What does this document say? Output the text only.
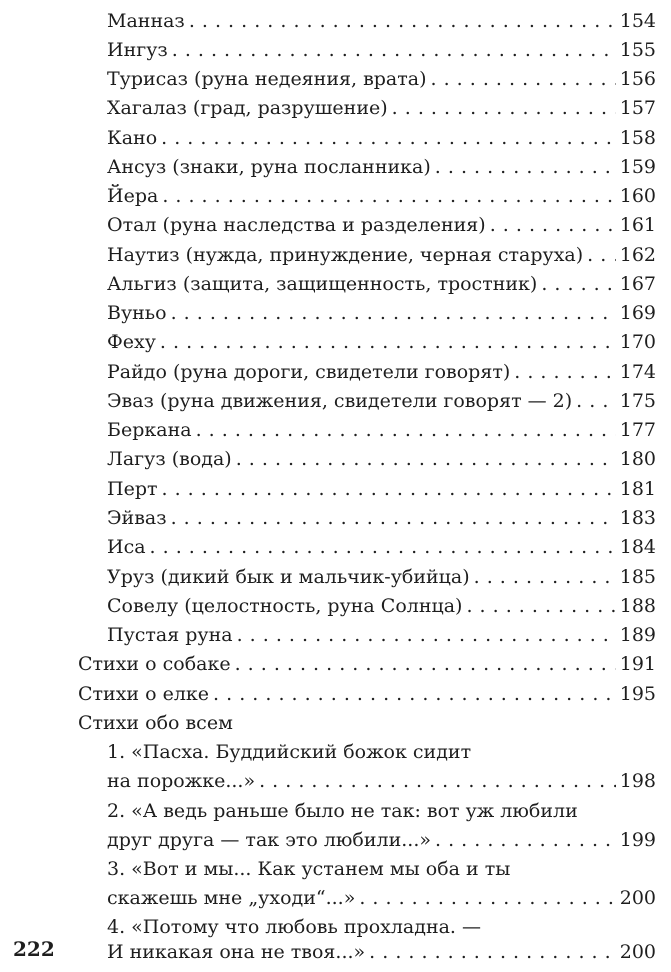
Манназ . . .	154
Ингуз . . .	155
Турисаз (руна недеяния, врата) . . .	156
Хагалаз (град, разрушение) . . .	157
Кано . . .	158
Ансуз (знаки, руна посланника) . . .	159
Йера . . .	160
Отал (руна наследства и разделения) . . .	161
Наутиз (нужда, принуждение, черная старуха) . . . 162
Альгиз (защита, защищенность, тростник) . . .	167
Вуньо . . .	169
Феху . . .	170
Райдо (руна дороги, свидетели говорят) . . .	174
Эваз (руна движения, свидетели говорят — 2) . . .	175
Беркана . . .	177
Лагуз (вода) . . .	180
Перт . . .	181
Эйваз . . .	183
Иса . . .	184
Уруз (дикий бык и мальчик-убийца) . . .	185
Совелу (целостность, руна Солнца) . . .	188
Пустая руна . . .	189
Стихи о собаке . . .	191
Стихи о елке . . .	195
Стихи обо всем
1. «Пасха. Буддийский божок сидит
на порожке...» . . .	198
2. «А ведь раньше было не так: вот уж любили
друг друга — так это любили...» . . .	199
3. «Вот и мы... Как устанем мы оба и ты
скажешь мне „уходи“...» . . .	200
4. «Потому что любовь прохладна. —
И никакая она не твоя...» . . .	200
222
